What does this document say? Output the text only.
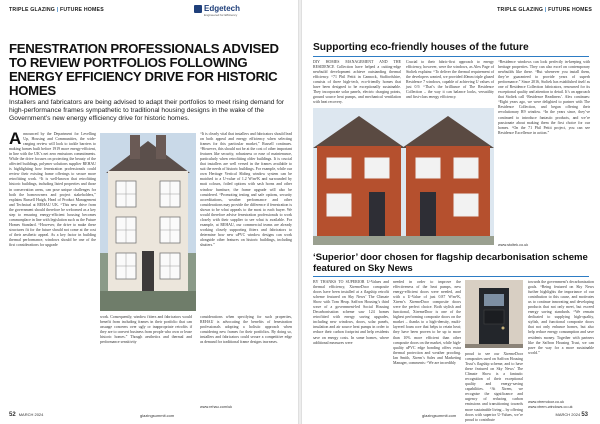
TRIPLE GLAZING | FUTURE HOMES	Edgetech
Engineered for Efficiency
FENESTRATION PROFESSIONALS ADVISED TO REVIEW PORTFOLIOS FOLLOWING ENERGY EFFICIENCY DRIVE FOR HISTORIC HOMES

Installers and fabricators are being advised to adapt their portfolios to meet rising demand for high-performance frames sympathetic to traditional housing designs in the wake of the Government’s new energy efficiency drive for historic homes.

Announced by the Department for Levelling Up, Housing and Communities, the wide-ranging review will look to tackle barriers to making homes built before 1919 more energy-efficient, in line with the UK’s net zero emissions commitments. While the drive focuses on protecting the beauty of the affected buildings, polymer solutions supplier REHAU is highlighting how fenestration professionals could review their existing frame offerings to secure more retrofitting work. “It is well-known that retrofitting historic buildings, including listed properties and those in conservation areas, can pose unique challenges for both the homeowners and project stakeholders,” explains Russell Haigh, Head of Product Management and Technical at REHAU UK. “This new drive from the government should therefore be welcomed as a key step to ensuring energy-efficient housing becomes commonplace in line with legislation such as the Future Homes Standard. “However, the drive to make these structures fit for the future should not come at the cost of their aesthetic appeal. As a key factor in building thermal performance, windows should be one of the first considerations for upgrade
work. Consequently, window fitters and fabricators would benefit from including frames in their portfolio that can assuage concerns over ugly or inappropriate retrofits if they are to convert business from people who own or lease historic homes.” Though aesthetics and thermal and performance sensitivity
considerations when specifying for such properties, REHAU is advocating the benefits of fenestration professionals adopting a holistic approach when considering new frames for their portfolios. By doing so, installers and fabricators could secure a competitive edge as demand for traditional frame designs increases.
“It is clearly vital that installers and fabricators should lead on both appeal and energy efficiency when selecting frames for this particular market,” Russell continues. “However, this should not be at the cost of other important features like security, robustness or ease of maintenance, particularly when retrofitting older buildings. It is crucial that installers are well versed in the frames available to suit the needs of historic buildings. For example, while our own Heritage Vertical Sliding window system can be matched to a U-value of 1.2 W/m²K and surrounded by matt colours, foiled options with sash horns and other window furniture, the frame upgrade will also be considered. “Promoting testing and safe options, security accreditations, weather performance and other considerations may provide the difference if fenestration is shown to be what appeals to the most to each buyer. We would therefore advise fenestration professionals to work closely with their supplier to see what is available. For example, at REHAU, our commercial teams are already working closely supporting fitters and fabricators to determine how new uPVC window designs can work alongside other features on historic buildings, including shutters.”
www.rehau.com/uk
52 MARCH 2024	glazingsummit.com
TRIPLE GLAZING | FUTURE HOMES
Supporting eco-friendly houses of the future
DIY HOMES MANAGEMENT AND THE RESIDENCE Collection have helped a cutting-edge newbuild development achieve outstanding thermal efficiency. “71 Phil Pettit in Cannock, Staffordshire, consists of three high-tech, eco-friendly homes that have been designed to be exceptionally sustainable. They incorporate solar panels, electric charging points, ground source heat pumps, and mechanical ventilation with heat recovery.
Crucial to their fabric-first approach to energy efficiency, however, were the windows, as Alex Page of Stoltek explains: “To deliver the thermal requirement of the developers wanted, we provided 40mm triple glazed Residence 7 windows, capable of achieving U values of just 0.9. “That’s the brilliance of The Residence Collection – the way it can balance looks, versatility and first-class energy efficiency.
“Residence windows can look perfectly in-keeping with heritage properties. They can also excel on contemporary newbuilds like these. “But whenever you install them, they’re guaranteed to provide years of superb performance.” Since 2016, Stoltek has established itself as one of Residence Collection fabricators, renowned for its exceptional quality and attention to detail. It’s an approach that Stoltek call ‘Residence Readiness’. Alex continues: “Eight years ago, we were delighted to partner with The Residence Collection, and began offering their revolutionary R9 window. “In the years since, they’ve continued to introduce fantastic products, and we’re passionate about making them the first choice for our homes. “On the 71 Phil Pettit project, you can see Residence Excellence in action.”
www.stoltek.co.uk
‘Superior’ door chosen for flagship decarbonisation scheme featured on Sky News
BY THANKS TO SUPERIOR U-Values and thermal efficiency, XtremeDoor composite doors have been installed at a flagship retrofit scheme featured on Sky News’ The Climate Show with Tom Heap. Saffron Housing’s third wave of a government-led Social Housing Decarbonisation scheme saw 124 homes retrofitted with energy saving upgrades, including new windows, doors, solar panels, insulation and air source heat pumps in order to reduce their carbon footprint and help residents save on energy costs. In some homes, where additional measures were
needed in order to improve the effectiveness of the heat pumps, new energy-efficient doors were needed, and with a U-Value of just 0.87 W/m²K, Xtrem’s XtremeDoor composite doors were the perfect choice. Both stylish and functional, XtremeDoor is one of the highest performing composite doors on the market – thanks to a high-density, multi-layered foam core that helps to retain heat; they have been proven to be up to more than 10% more efficient than other composite doors on the market, while high-quality uPVC edge bonding offers extra thermal protection and weather proofing. Ian Smith, Xtrem’s Sales and Marketing Manager, comments: “We are incredibly
proud to see our XtremeDoor composites used on Saffron Housing Trust’s flagship scheme, and to have these featured on Sky News’ The Climate Show is a fantastic recognition of their exceptional quality and energy-saving capabilities. “At Xtrem, we recognise the significance and urgency of reducing carbon emissions and transitioning towards more sustainable living – by offering doors with superior U-Values, we’re proud to contribute
towards the government’s decarbonisation goals. “Being featured on Sky News further highlights the importance of our contribution to this cause, and motivates us to continue innovating and developing products that not only meet, but exceed energy saving standards. “We remain dedicated to supplying high-quality, stylish, and functional composite doors that not only enhance homes, but also help reduce energy consumption and save residents money. Together with partners like the Saffron Housing Trust, we can pave the way for a more sustainable world.”
www.xtremdoor.co.uk
www.xtrem-windows.co.uk
glazingsummit.com	MARCH 2024 53
